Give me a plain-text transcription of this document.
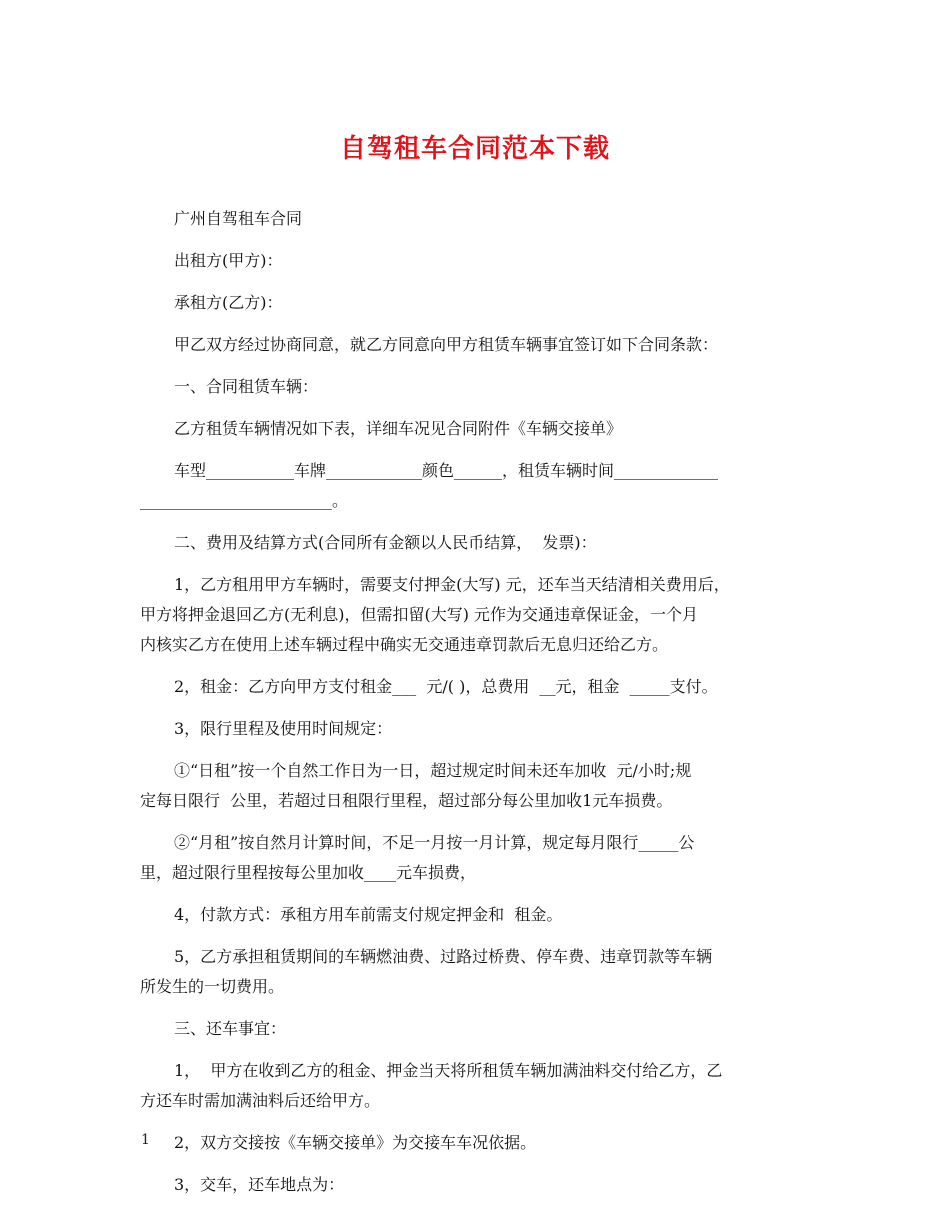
自驾租车合同范本下载
广州自驾租车合同
出租方(甲方)：
承租方(乙方)：
甲乙双方经过协商同意，就乙方同意向甲方租赁车辆事宜签订如下合同条款：
一、合同租赁车辆：
乙方租赁车辆情况如下表，详细车况见合同附件《车辆交接单》
车型___________车牌____________颜色______，租赁车辆时间_____________
________________________。
二、费用及结算方式(合同所有金额以人民币结算，  发票)：
1，乙方租用甲方车辆时，需要支付押金(大写) 元，还车当天结清相关费用后，
甲方将押金退回乙方(无利息)，但需扣留(大写) 元作为交通违章保证金，一个月
内核实乙方在使用上述车辆过程中确实无交通违章罚款后无息归还给乙方。
2，租金：乙方向甲方支付租金___  元/( )，总费用  __元，租金  _____支付。
3，限行里程及使用时间规定：
①“日租”按一个自然工作日为一日，超过规定时间未还车加收  元/小时;规
定每日限行  公里，若超过日租限行里程，超过部分每公里加收1元车损费。
②“月租”按自然月计算时间，不足一月按一月计算，规定每月限行_____公
里，超过限行里程按每公里加收____元车损费，
4，付款方式：承租方用车前需支付规定押金和  租金。
5，乙方承担租赁期间的车辆燃油费、过路过桥费、停车费、违章罚款等车辆
所发生的一切费用。
三、还车事宜：
1，  甲方在收到乙方的租金、押金当天将所租赁车辆加满油料交付给乙方，乙
方还车时需加满油料后还给甲方。
2，双方交接按《车辆交接单》为交接车车况依据。
3，交车，还车地点为：
1
